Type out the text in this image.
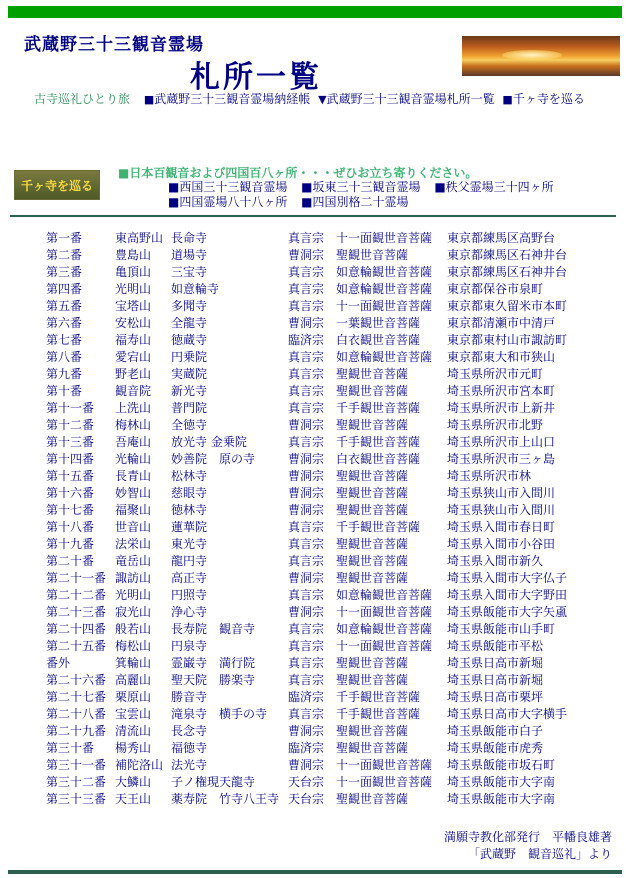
武蔵野三十三観音霊場
札所一覧
古寺巡礼ひとり旅 ■武蔵野三十三観音霊場納経帳 ▼武蔵野三十三観音霊場札所一覧 ■千ヶ寺を巡る
千ヶ寺を巡る
■日本百観音および四国百八ヶ所・・・ぜひお立ち寄りください。
■西国三十三観音霊場 ■坂東三十三観音霊場 ■秩父霊場三十四ヶ所
■四国霊場八十八ヶ所 ■四国別格二十霊場
第一番	東高野山	長命寺	真言宗	十一面観世音菩薩	東京都練馬区高野台
第二番	豊島山	道場寺	曹洞宗	聖観世音菩薩	東京都練馬区石神井台
第三番	亀頂山	三宝寺	真言宗	如意輪観世音菩薩	東京都練馬区石神井台
第四番	光明山	如意輪寺	真言宗	如意輪観世音菩薩	東京都保谷市泉町
第五番	宝塔山	多聞寺	真言宗	十一面観世音菩薩	東京都東久留米市本町
第六番	安松山	全龍寺	曹洞宗	一葉観世音菩薩	東京都清瀬市中清戸
第七番	福寿山	徳蔵寺	臨済宗	白衣観世音菩薩	東京都東村山市諏訪町
第八番	愛宕山	円乗院	真言宗	如意輪観世音菩薩	東京都東大和市狭山
第九番	野老山	実蔵院	真言宗	聖観世音菩薩	埼玉県所沢市元町
第十番	観音院	新光寺	真言宗	聖観世音菩薩	埼玉県所沢市宮本町
第十一番	上洗山	普門院	真言宗	千手観世音菩薩	埼玉県所沢市上新井
第十二番	梅林山	全徳寺	曹洞宗	聖観世音菩薩	埼玉県所沢市北野
第十三番	吾庵山	放光寺 金乗院	真言宗	千手観世音菩薩	埼玉県所沢市上山口
第十四番	光輪山	妙善院　原の寺	曹洞宗	白衣観世音菩薩	埼玉県所沢市三ヶ島
第十五番	長青山	松林寺	曹洞宗	聖観世音菩薩	埼玉県所沢市林
第十六番	妙智山	慈眼寺	曹洞宗	聖観世音菩薩	埼玉県狭山市入間川
第十七番	福聚山	徳林寺	曹洞宗	聖観世音菩薩	埼玉県狭山市入間川
第十八番	世音山	蓮華院	真言宗	千手観世音菩薩	埼玉県入間市春日町
第十九番	法栄山	東光寺	真言宗	聖観世音菩薩	埼玉県入間市小谷田
第二十番	竜岳山	龍円寺	真言宗	聖観世音菩薩	埼玉県入間市新久
第二十一番	諏訪山	高正寺	曹洞宗	聖観世音菩薩	埼玉県入間市大字仏子
第二十二番	光明山	円照寺	真言宗	如意輪観世音菩薩	埼玉県入間市大字野田
第二十三番	寂光山	浄心寺	曹洞宗	十一面観世音菩薩	埼玉県飯能市大字矢颪
第二十四番	般若山	長寿院　観音寺	真言宗	如意輪観世音菩薩	埼玉県飯能市山手町
第二十五番	梅松山	円泉寺	真言宗	十一面観世音菩薩	埼玉県飯能市平松
番外	箕輪山	霊巌寺　満行院	真言宗	聖観世音菩薩	埼玉県日高市新堀
第二十六番	高麗山	聖天院　勝楽寺	真言宗	聖観世音菩薩	埼玉県日高市新堀
第二十七番	栗原山	勝音寺	臨済宗	千手観世音菩薩	埼玉県日高市栗坪
第二十八番	宝雲山	滝泉寺　横手の寺	真言宗	千手観世音菩薩	埼玉県日高市大字横手
第二十九番	清流山	長念寺	曹洞宗	聖観世音菩薩	埼玉県飯能市白子
第三十番	楊秀山	福徳寺	臨済宗	聖観世音菩薩	埼玉県飯能市虎秀
第三十一番	補陀洛山	法光寺	曹洞宗	十一面観世音菩薩	埼玉県飯能市坂石町
第三十二番	大鱗山	子ノ権現天龍寺	天台宗	十一面観世音菩薩	埼玉県飯能市大字南
第三十三番	天王山	薬寿院　竹寺八王寺	天台宗	聖観世音菩薩	埼玉県飯能市大字南
満願寺教化部発行　平幡良雄著
「武蔵野　観音巡礼」より
